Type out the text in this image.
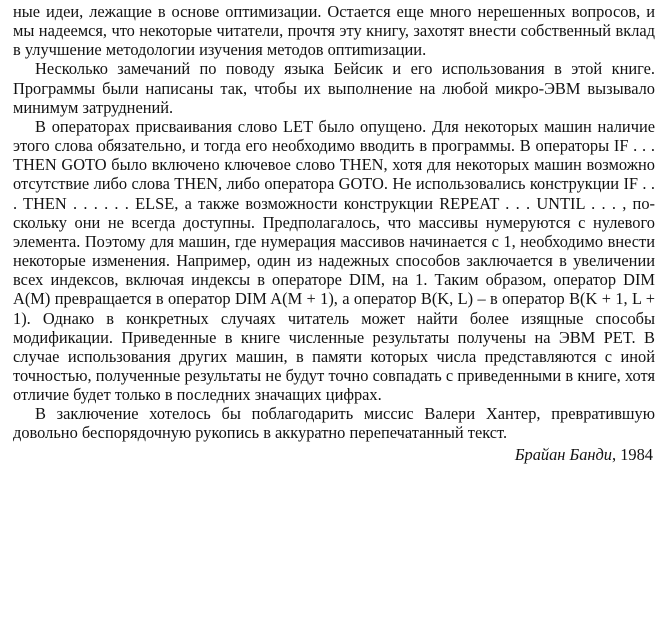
ные идеи, лежащие в основе оптимизации. Остается еще много нерешенных вопросов, и мы надеемся, что некоторые читатели, прочтя эту книгу, захотят внести собственный вклад в улучшение методологии изучения методов оптиmизации.

Несколько замечаний по поводу языка Бейсик и его использования в этой книге. Программы были написаны так, чтобы их выполнение на любой микро-ЭВМ вызывало минимум затруднений.

В операторах присваивания слово LET было опущено. Для некоторых машин наличие этого слова обязательно, и тогда его необходимо вводить в программы. В операторы IF . . . THEN GOTO было включено ключевое слово THEN, хотя для некоторых машин возможно отсутствие либо слова THEN, либо оператора GOTO. Не использовались конструкции IF . . . THEN . . . . . . ELSE, а также возможности конструкции REPEAT . . . UNTIL . . . , поскольку они не всегда доступны. Предполагалось, что массивы нумеруются с нулевого элемента. Поэтому для машин, где нумерация массивов начинается с 1, необходимо внести некоторые изменения. Например, один из надежных способов заключается в увеличении всех индексов, включая индексы в операторе DIM, на 1. Таким образом, оператор DIM A(M) превращается в оператор DIM A(M + 1), а оператор B(K, L) – в оператор B(K + 1, L + 1). Однако в конкретных случаях читатель может найти более изящные способы модификации. Приведенные в книге численные результаты получены на ЭВМ PET. В случае использования других машин, в памяти которых числа представляются с иной точностью, полученные результаты не будут точно совпадать с приведенными в книге, хотя отличие будет только в последних значащих цифрах.

В заключение хотелось бы поблагодарить миссис Валери Хантер, превратившую довольно беспорядочную рукопись в аккуратно перепечатанный текст.

Брайан Банди, 1984
